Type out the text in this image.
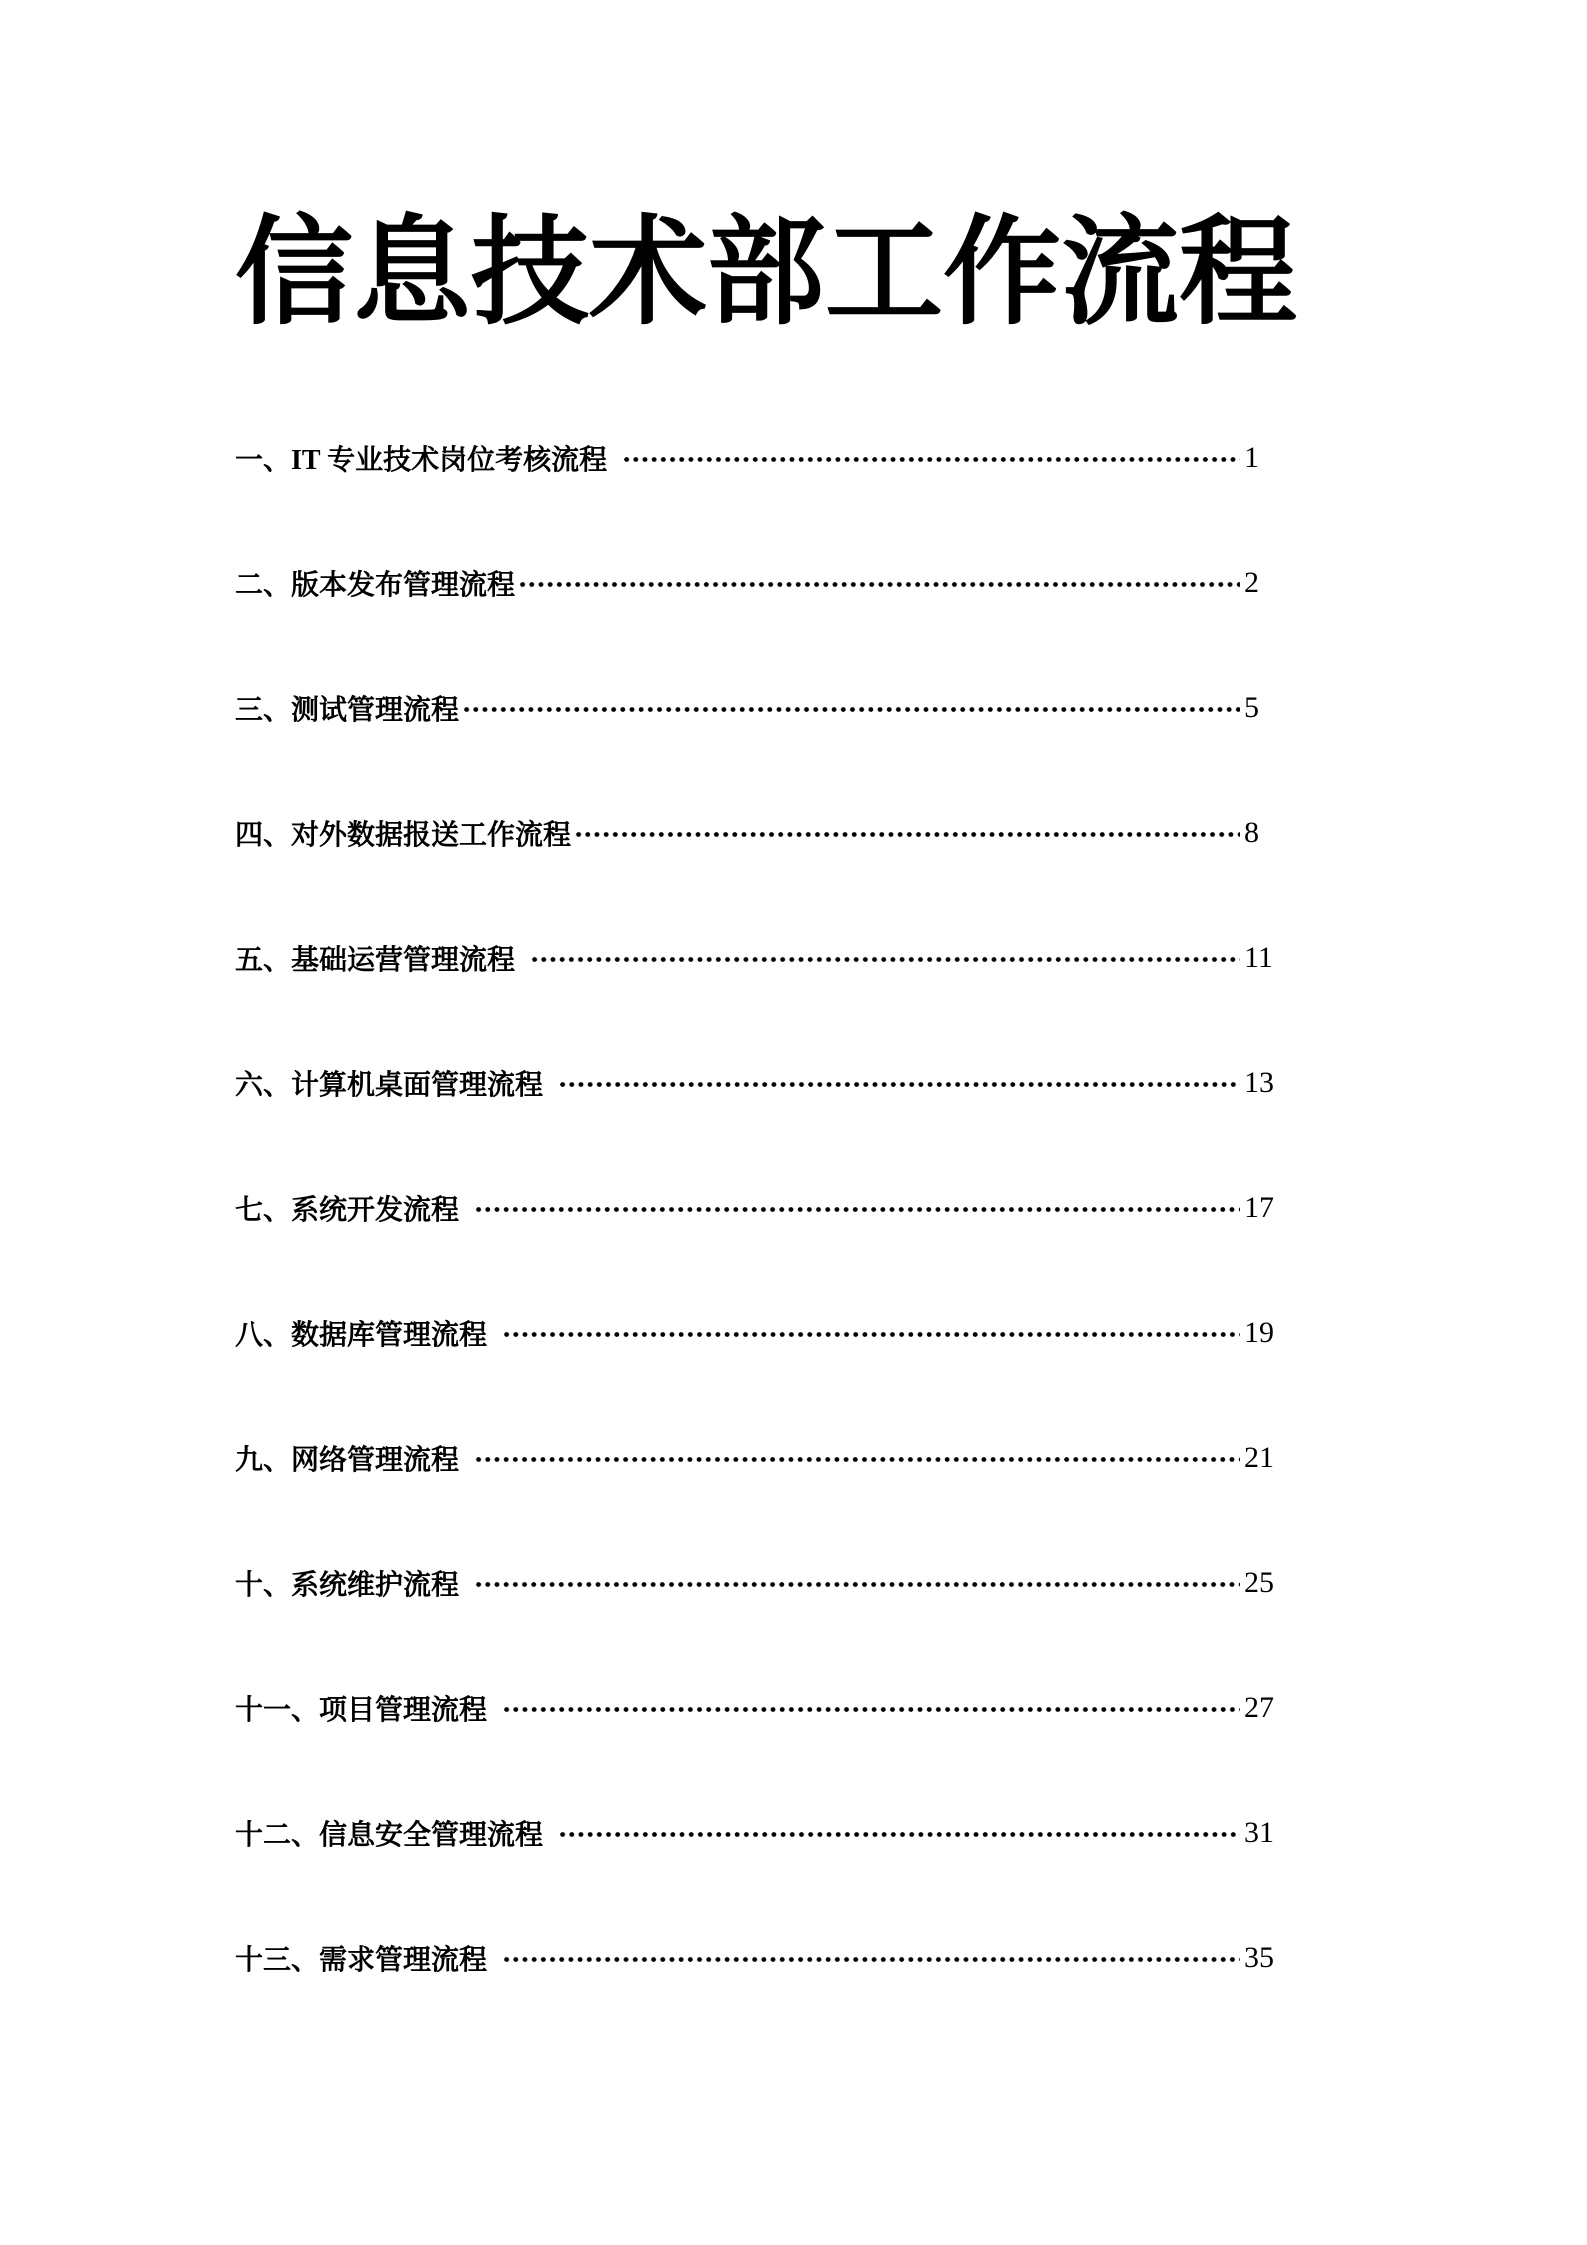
信息技术部工作流程
一、IT 专业技术岗位考核流程	1
二、版本发布管理流程	2
三、测试管理流程	5
四、对外数据报送工作流程	8
五、基础运营管理流程	11
六、计算机桌面管理流程	13
七、系统开发流程	17
八、数据库管理流程	19
九、网络管理流程	21
十、系统维护流程	25
十一、项目管理流程	27
十二、信息安全管理流程	31
十三、需求管理流程	35
